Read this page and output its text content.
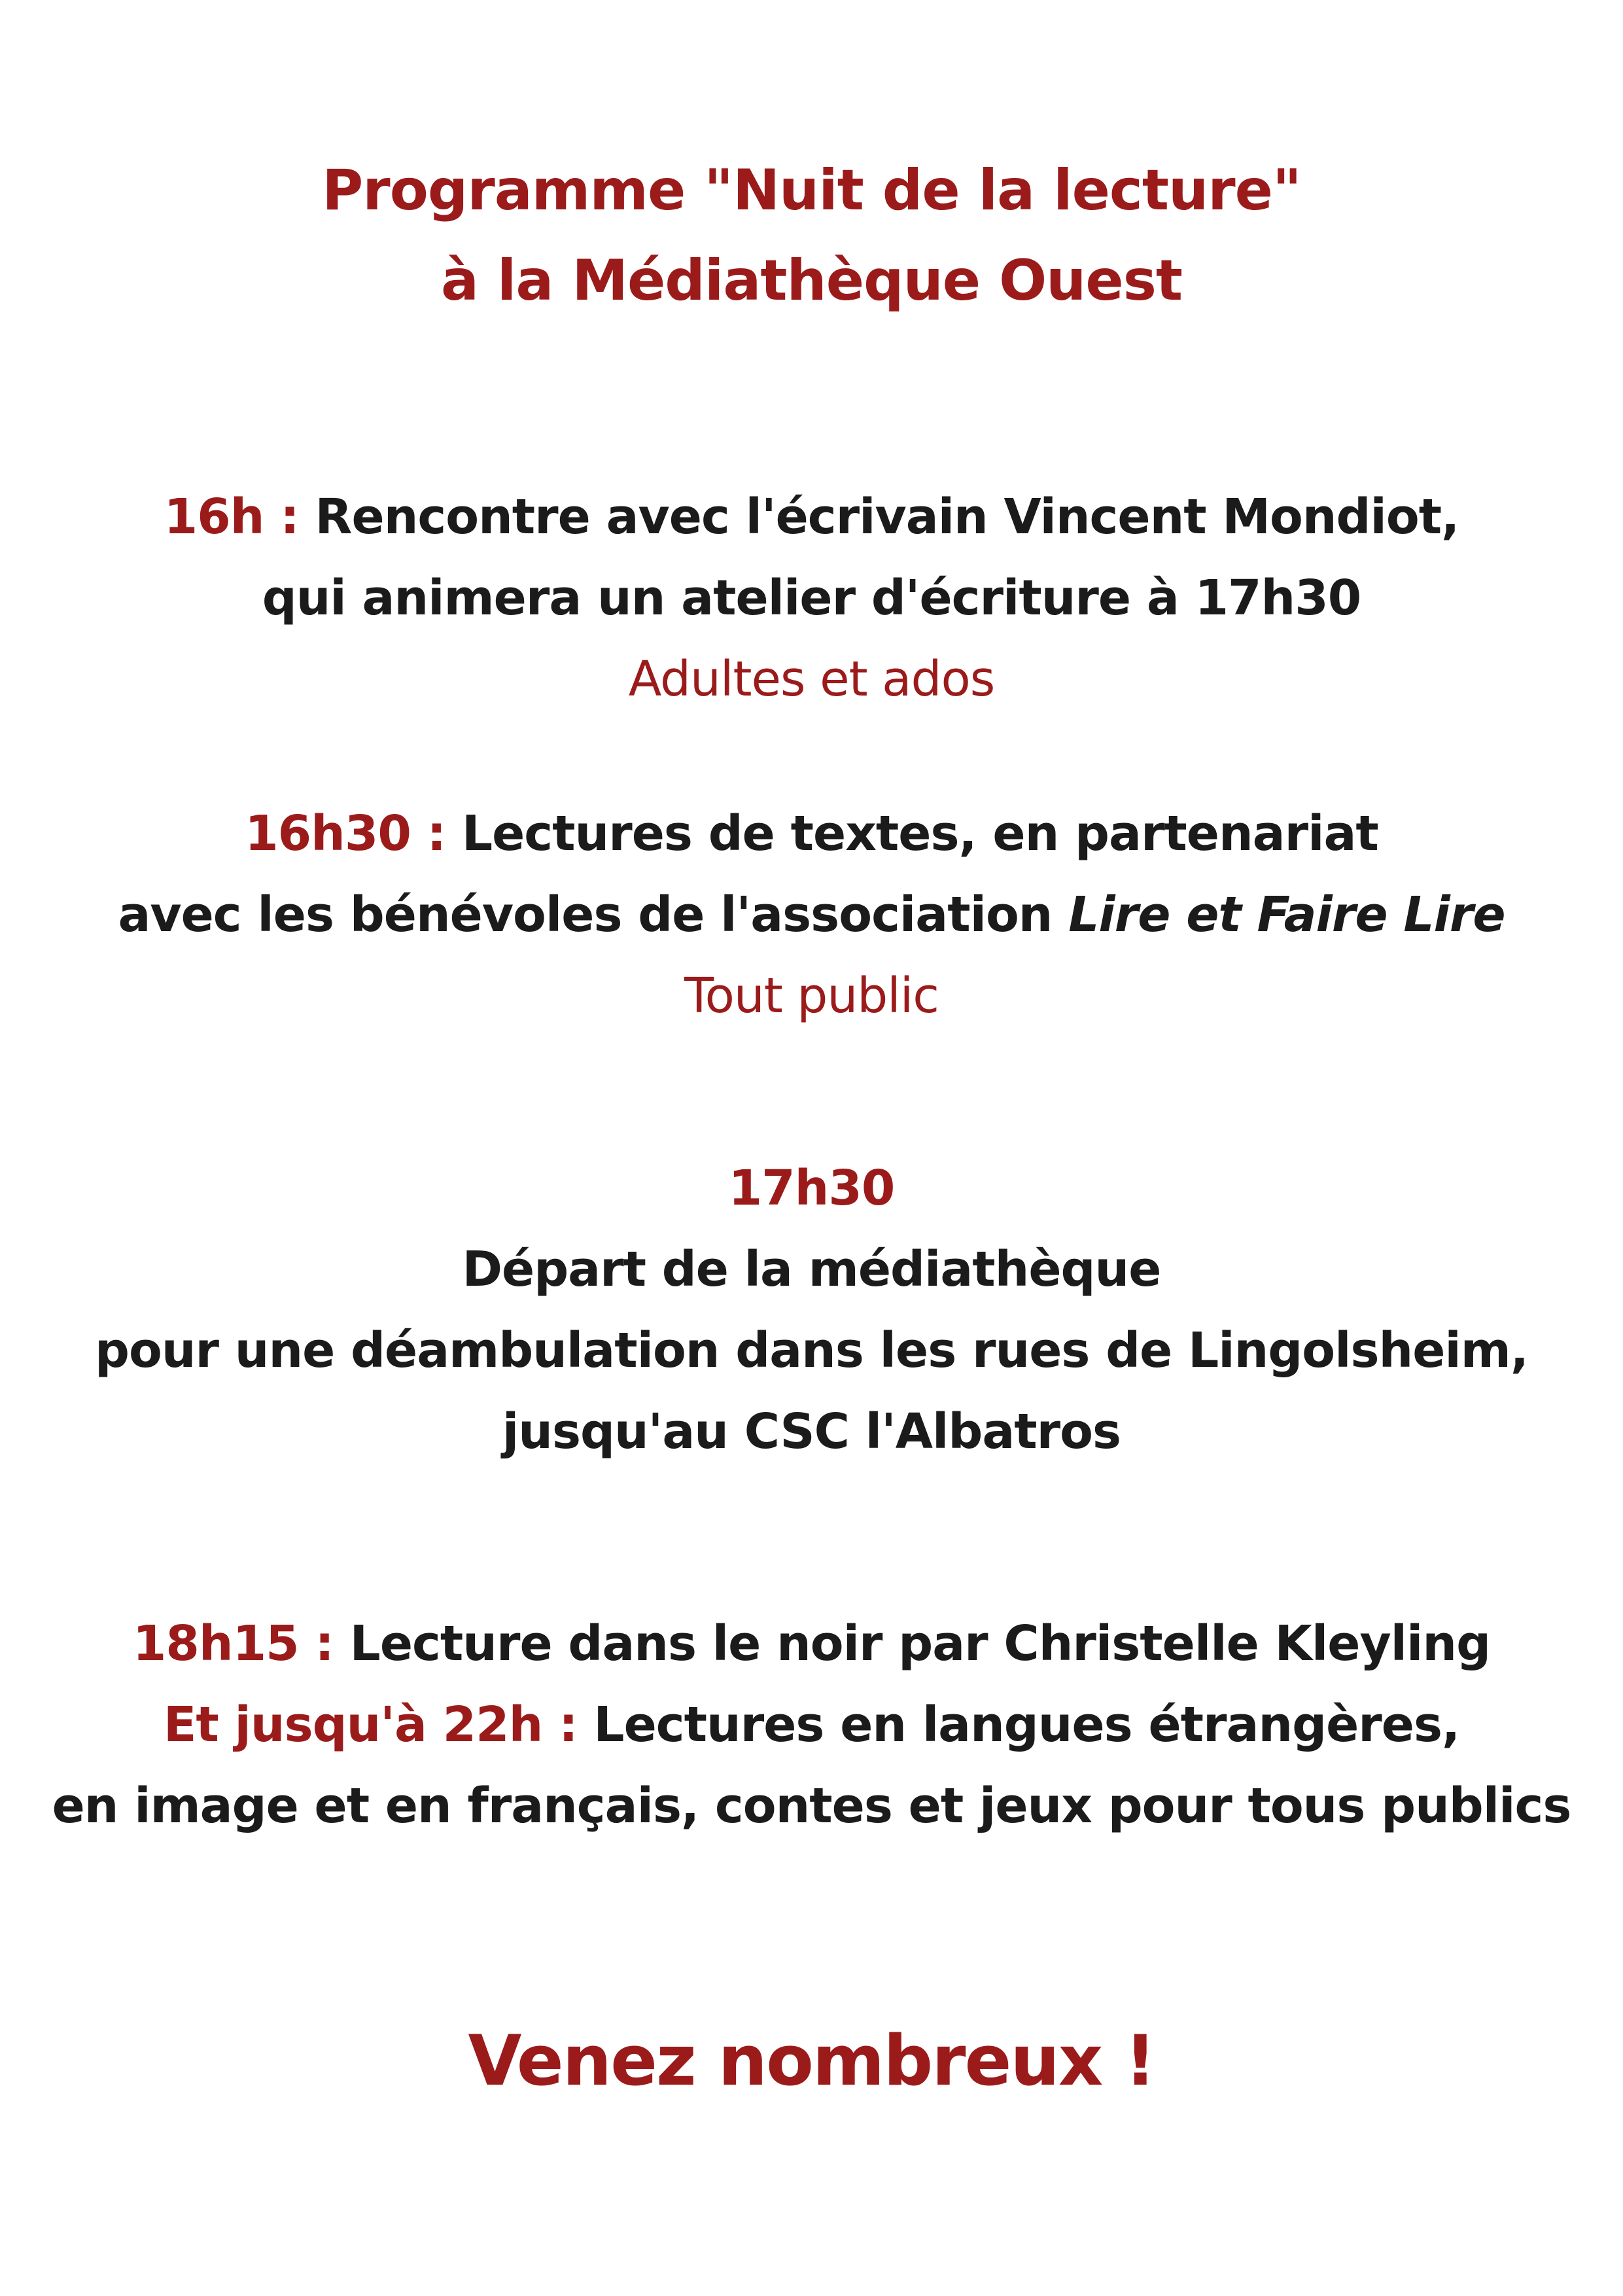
Programme "Nuit de la lecture"
à la Médiathèque Ouest
16h : Rencontre avec l'écrivain Vincent Mondiot,
qui animera un atelier d'écriture à 17h30
Adultes et ados
16h30 : Lectures de textes, en partenariat
avec les bénévoles de l'association Lire et Faire Lire
Tout public
17h30
Départ de la médiathèque
pour une déambulation dans les rues de Lingolsheim,
jusqu'au CSC l'Albatros
18h15 : Lecture dans le noir par Christelle Kleyling
Et jusqu'à 22h : Lectures en langues étrangères,
en image et en français, contes et jeux pour tous publics
Venez nombreux !
